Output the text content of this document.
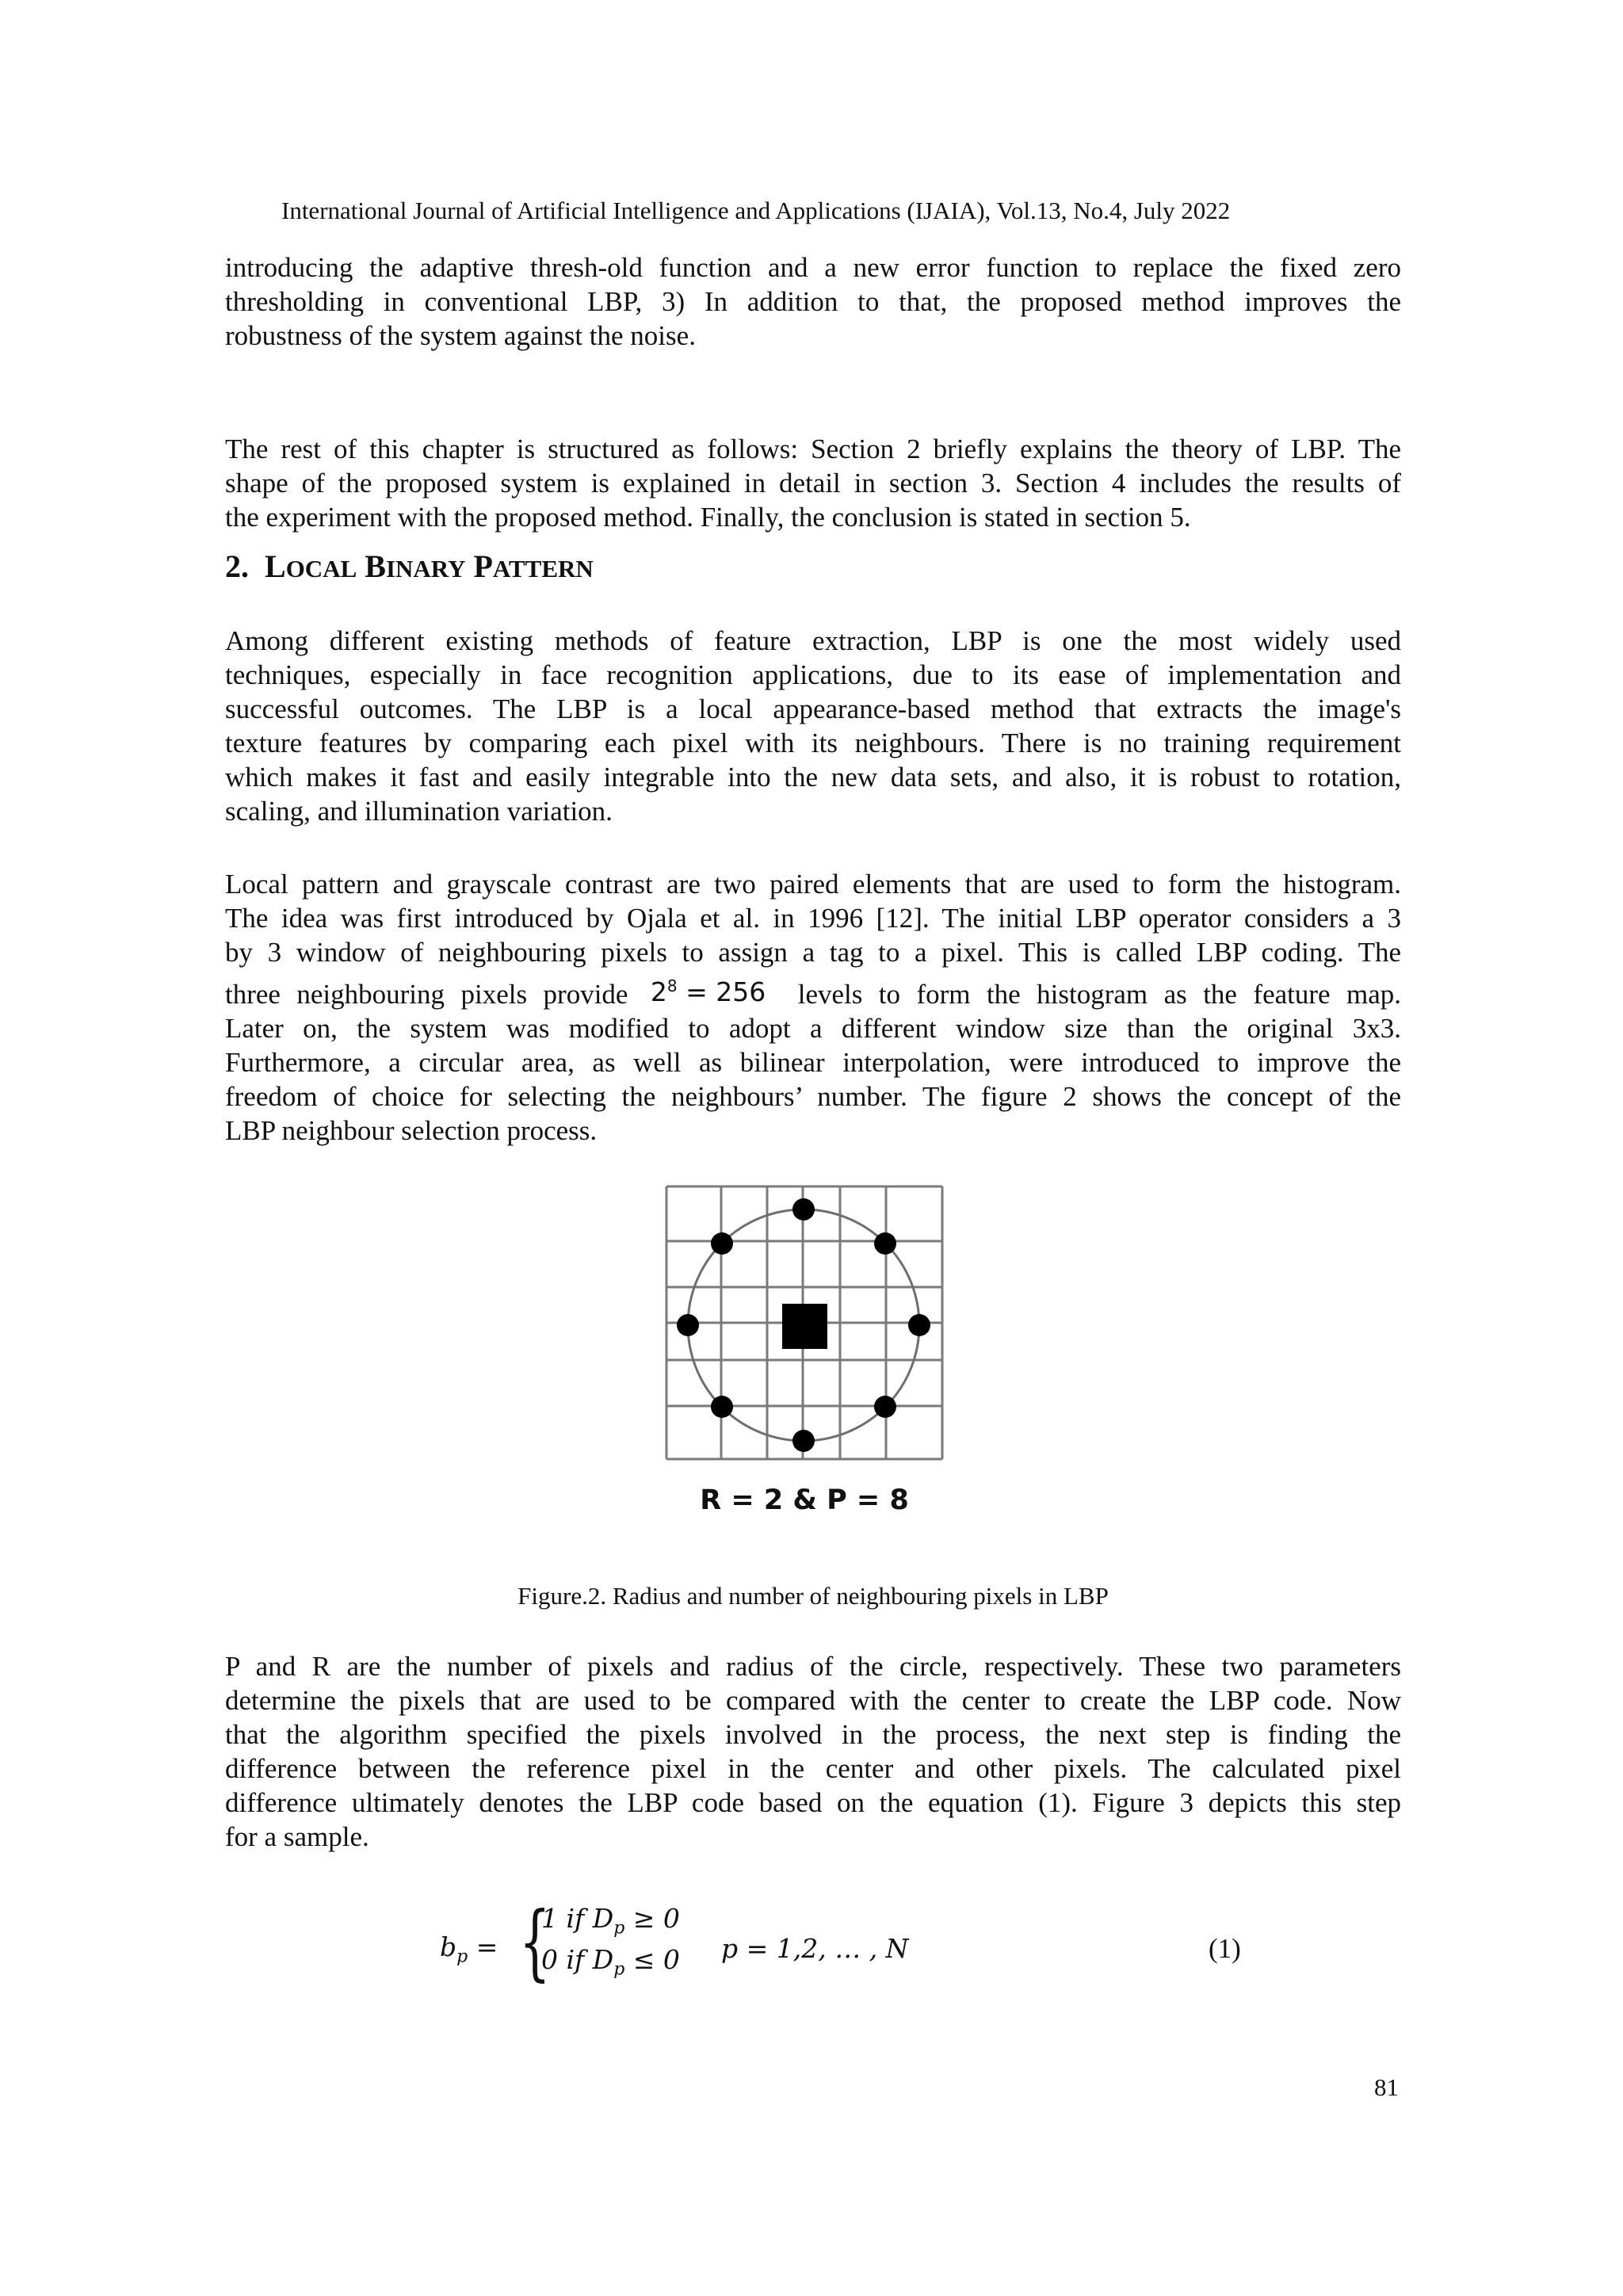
International Journal of Artificial Intelligence and Applications (IJAIA), Vol.13, No.4, July 2022
introducing the adaptive thresh-old function and a new error function to replace the fixed zero
thresholding in conventional LBP, 3) In addition to that, the proposed method improves the
robustness of the system against the noise.
The rest of this chapter is structured as follows: Section 2 briefly explains the theory of LBP. The
shape of the proposed system is explained in detail in section 3. Section 4 includes the results of
the experiment with the proposed method. Finally, the conclusion is stated in section 5.
2. LOCAL BINARY PATTERN
Among different existing methods of feature extraction, LBP is one the most widely used
techniques, especially in face recognition applications, due to its ease of implementation and
successful outcomes. The LBP is a local appearance-based method that extracts the image's
texture features by comparing each pixel with its neighbours. There is no training requirement
which makes it fast and easily integrable into the new data sets, and also, it is robust to rotation,
scaling, and illumination variation.
Local pattern and grayscale contrast are two paired elements that are used to form the histogram.
The idea was first introduced by Ojala et al. in 1996 [12]. The initial LBP operator considers a 3
by 3 window of neighbouring pixels to assign a tag to a pixel. This is called LBP coding. The
three neighbouring pixels provide $2^8 = 256$ levels to form the histogram as the feature map.
Later on, the system was modified to adopt a different window size than the original 3x3.
Furthermore, a circular area, as well as bilinear interpolation, were introduced to improve the
freedom of choice for selecting the neighbours’ number. The figure 2 shows the concept of the
LBP neighbour selection process.
R = 2 & P = 8
Figure.2. Radius and number of neighbouring pixels in LBP
P and R are the number of pixels and radius of the circle, respectively. These two parameters
determine the pixels that are used to be compared with the center to create the LBP code. Now
that the algorithm specified the pixels involved in the process, the next step is finding the
difference between the reference pixel in the center and other pixels. The calculated pixel
difference ultimately denotes the LBP code based on the equation (1). Figure 3 depicts this step
for a sample.
$b_p$ = {
1 if $D_p \ge 0$
0 if $D_p \le 0$ p = 1,2, … , N	(1)
81
